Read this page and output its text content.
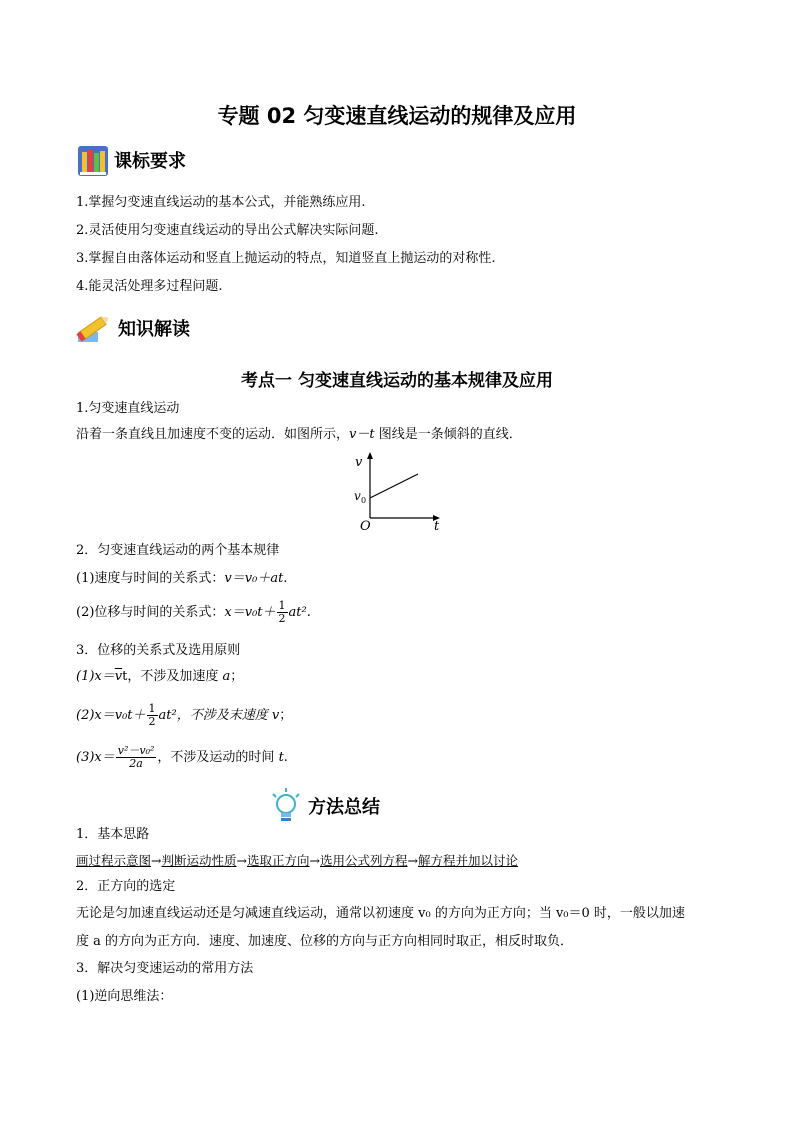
专题 02 匀变速直线运动的规律及应用
课标要求
1.掌握匀变速直线运动的基本公式，并能熟练应用.
2.灵活使用匀变速直线运动的导出公式解决实际问题.
3.掌握自由落体运动和竖直上抛运动的特点，知道竖直上抛运动的对称性.
4.能灵活处理多过程问题.
知识解读
考点一 匀变速直线运动的基本规律及应用
1.匀变速直线运动
沿着一条直线且加速度不变的运动．如图所示，v－t 图线是一条倾斜的直线．
v
v 0
O	t
2．匀变速直线运动的两个基本规律
(1)速度与时间的关系式：v＝v₀＋at.
(2)位移与时间的关系式：$x=v_0t+ \frac{1}{2} at^2$.
3．位移的关系式及选用原则
$(1)x=\overline{v}t$，不涉及加速度 a；
$(2)x=v_0t+ \frac{1}{2} at^2$，不涉及末速度 v；
$(3)x= \frac{\text{v²－v₀²}}{2a}$ ，不涉及运动的时间 t.
方法总结
1．基本思路
画过程示意图→判断运动性质→选取正方向→选用公式列方程→解方程并加以讨论
2．正方向的选定
无论是匀加速直线运动还是匀减速直线运动，通常以初速度 v₀ 的方向为正方向；当 v₀＝0 时，一般以加速
度 a 的方向为正方向．速度、加速度、位移的方向与正方向相同时取正，相反时取负．
3．解决匀变速运动的常用方法
(1)逆向思维法：
